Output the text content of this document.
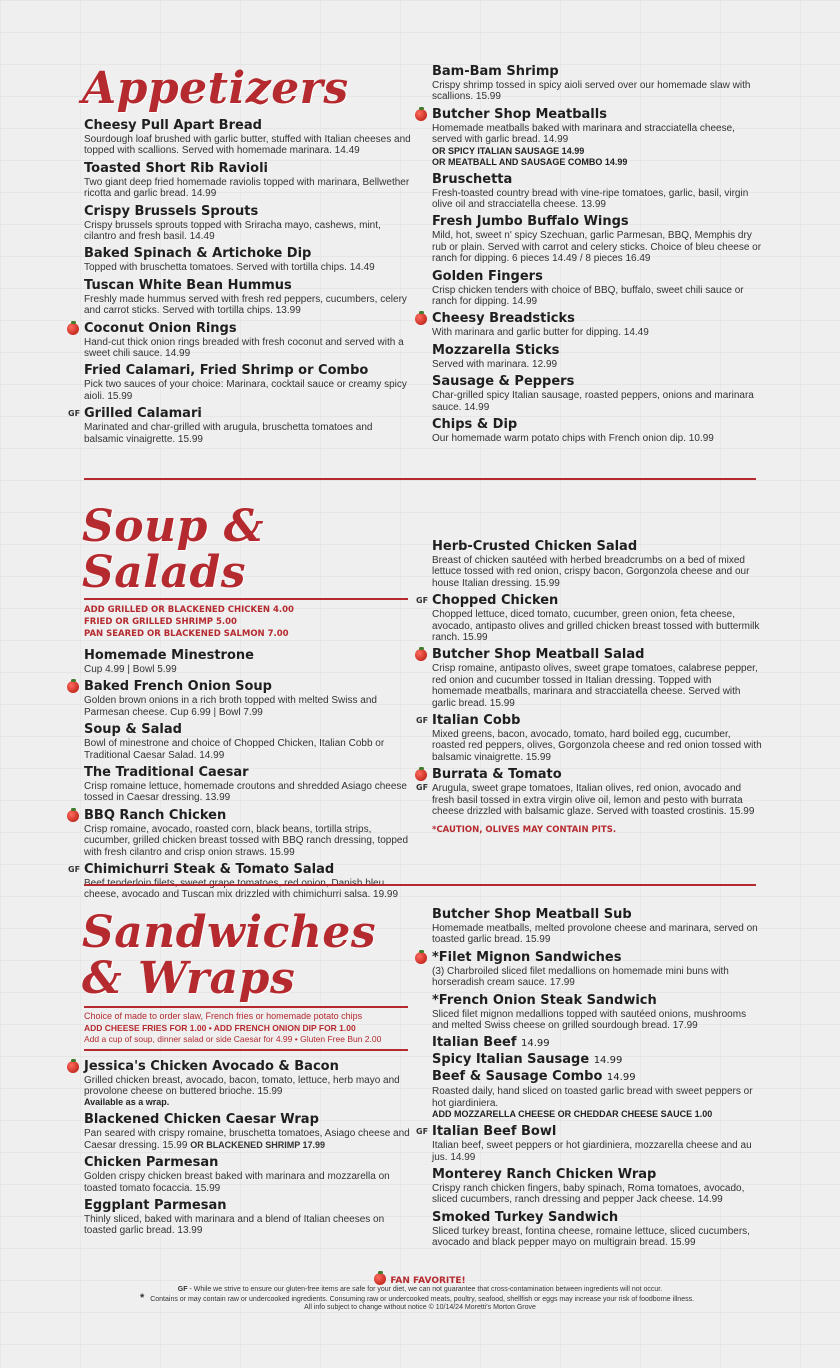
Appetizers
Cheesy Pull Apart Bread
Sourdough loaf brushed with garlic butter, stuffed with Italian cheeses and topped with scallions. Served with homemade marinara. 14.49
Toasted Short Rib Ravioli
Two giant deep fried homemade raviolis topped with marinara, Bellwether ricotta and garlic bread. 14.99
Crispy Brussels Sprouts
Crispy brussels sprouts topped with Sriracha mayo, cashews, mint, cilantro and fresh basil. 14.49
Baked Spinach & Artichoke Dip
Topped with bruschetta tomatoes. Served with tortilla chips. 14.49
Tuscan White Bean Hummus
Freshly made hummus served with fresh red peppers, cucumbers, celery and carrot sticks. Served with tortilla chips. 13.99
Coconut Onion Rings
Hand-cut thick onion rings breaded with fresh coconut and served with a sweet chili sauce. 14.99
Fried Calamari, Fried Shrimp or Combo
Pick two sauces of your choice: Marinara, cocktail sauce or creamy spicy aioli. 15.99
GF Grilled Calamari
Marinated and char-grilled with arugula, bruschetta tomatoes and balsamic vinaigrette. 15.99
Bam-Bam Shrimp
Crispy shrimp tossed in spicy aioli served over our homemade slaw with scallions. 15.99
Butcher Shop Meatballs
Homemade meatballs baked with marinara and stracciatella cheese, served with garlic bread. 14.99
OR SPICY ITALIAN SAUSAGE 14.99
OR MEATBALL AND SAUSAGE COMBO 14.99
Bruschetta
Fresh-toasted country bread with vine-ripe tomatoes, garlic, basil, virgin olive oil and stracciatella cheese. 13.99
Fresh Jumbo Buffalo Wings
Mild, hot, sweet n' spicy Szechuan, garlic Parmesan, BBQ, Memphis dry rub or plain. Served with carrot and celery sticks. Choice of bleu cheese or ranch for dipping. 6 pieces 14.49 / 8 pieces 16.49
Golden Fingers
Crisp chicken tenders with choice of BBQ, buffalo, sweet chili sauce or ranch for dipping. 14.99
Cheesy Breadsticks
With marinara and garlic butter for dipping. 14.49
Mozzarella Sticks
Served with marinara. 12.99
Sausage & Peppers
Char-grilled spicy Italian sausage, roasted peppers, onions and marinara sauce. 14.99
Chips & Dip
Our homemade warm potato chips with French onion dip. 10.99
Soup & Salads
ADD GRILLED OR BLACKENED CHICKEN 4.00
FRIED OR GRILLED SHRIMP 5.00
PAN SEARED OR BLACKENED SALMON 7.00
Homemade Minestrone
Cup 4.99 | Bowl 5.99
Baked French Onion Soup
Golden brown onions in a rich broth topped with melted Swiss and Parmesan cheese. Cup 6.99 | Bowl 7.99
Soup & Salad
Bowl of minestrone and choice of Chopped Chicken, Italian Cobb or Traditional Caesar Salad. 14.99
The Traditional Caesar
Crisp romaine lettuce, homemade croutons and shredded Asiago cheese tossed in Caesar dressing. 13.99
BBQ Ranch Chicken
Crisp romaine, avocado, roasted corn, black beans, tortilla strips, cucumber, grilled chicken breast tossed with BBQ ranch dressing, topped with fresh cilantro and crisp onion straws. 15.99
GF Chimichurri Steak & Tomato Salad
cheese, avocado and Tuscan mix drizzled with chimichurri salsa. 19.99
Herb-Crusted Chicken Salad
Breast of chicken sautéed with herbed breadcrumbs on a bed of mixed lettuce tossed with red onion, crispy bacon, Gorgonzola cheese and our house Italian dressing. 15.99
GF Chopped Chicken
Chopped lettuce, diced tomato, cucumber, green onion, feta cheese, avocado, antipasto olives and grilled chicken breast tossed with buttermilk ranch. 15.99
Butcher Shop Meatball Salad
Crisp romaine, antipasto olives, sweet grape tomatoes, calabrese pepper, red onion and cucumber tossed in Italian dressing. Topped with homemade meatballs, marinara and stracciatella cheese. Served with garlic bread. 15.99
GF Italian Cobb
Mixed greens, bacon, avocado, tomato, hard boiled egg, cucumber, roasted red peppers, olives, Gorgonzola cheese and red onion tossed with balsamic vinaigrette. 15.99
GF
Burrata & Tomato
Arugula, sweet grape tomatoes, Italian olives, red onion, avocado and fresh basil tossed in extra virgin olive oil, lemon and pesto with burrata cheese drizzled with balsamic glaze. Served with toasted crostinis. 15.99
*CAUTION, OLIVES MAY CONTAIN PITS.
Sandwiches
& Wraps
Choice of made to order slaw, French fries or homemade potato chips
ADD CHEESE FRIES FOR 1.00 • ADD FRENCH ONION DIP FOR 1.00
Add a cup of soup, dinner salad or side Caesar for 4.99 • Gluten Free Bun 2.00
Jessica's Chicken Avocado & Bacon
Grilled chicken breast, avocado, bacon, tomato, lettuce, herb mayo and provolone cheese on buttered brioche. 15.99
Available as a wrap.
Blackened Chicken Caesar Wrap
Pan seared with crispy romaine, bruschetta tomatoes, Asiago cheese and Caesar dressing. 15.99 OR BLACKENED SHRIMP 17.99
Chicken Parmesan
Golden crispy chicken breast baked with marinara and mozzarella on toasted tomato focaccia. 15.99
Eggplant Parmesan
Thinly sliced, baked with marinara and a blend of Italian cheeses on toasted garlic bread. 13.99
Butcher Shop Meatball Sub
Homemade meatballs, melted provolone cheese and marinara, served on toasted garlic bread. 15.99
*Filet Mignon Sandwiches
(3) Charbroiled sliced filet medallions on homemade mini buns with horseradish cream sauce. 17.99
*French Onion Steak Sandwich
Sliced filet mignon medallions topped with sautéed onions, mushrooms and melted Swiss cheese on grilled sourdough bread. 17.99
Italian Beef 14.99
Spicy Italian Sausage 14.99
Beef & Sausage Combo 14.99
Roasted daily, hand sliced on toasted garlic bread with sweet peppers or hot giardiniera.
ADD MOZZARELLA CHEESE OR CHEDDAR CHEESE SAUCE 1.00
GF Italian Beef Bowl
Italian beef, sweet peppers or hot giardiniera, mozzarella cheese and au jus. 14.99
Monterey Ranch Chicken Wrap
Crispy ranch chicken fingers, baby spinach, Roma tomatoes, avocado, sliced cucumbers, ranch dressing and pepper Jack cheese. 14.99
Smoked Turkey Sandwich
Sliced turkey breast, fontina cheese, romaine lettuce, sliced cucumbers, avocado and black pepper mayo on multigrain bread. 15.99
FAN FAVORITE!
GF - While we strive to ensure our gluten-free items are safe for your diet, we can not guarantee that cross-contamination between ingredients will not occur.
* Contains or may contain raw or undercooked ingredients. Consuming raw or undercooked meats, poultry, seafood, shellfish or eggs may increase your risk of foodborne illness.
All info subject to change without notice © 10/14/24 Moretti's Morton Grove
